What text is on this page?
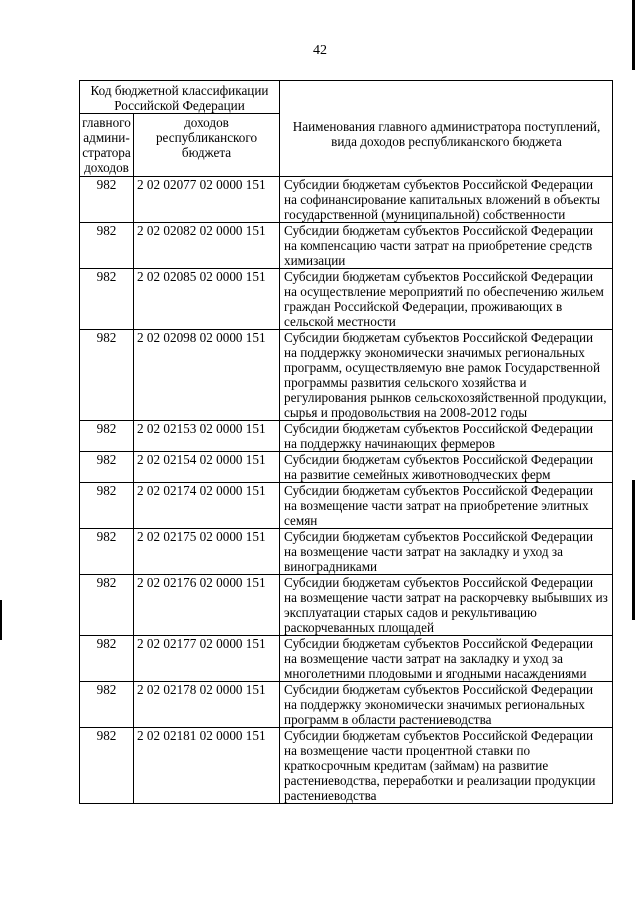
42
Код бюджетной классификации Российской Федерации		Наименования главного администратора поступлений, вида доходов республиканского бюджета
главного админи-стратора доходов	доходов республиканского бюджета	
982	2 02 02077 02 0000 151	Субсидии бюджетам субъектов Российской Федерации на софинансирование капитальных вложений в объекты государственной (муниципальной) собственности
982	2 02 02082 02 0000 151	Субсидии бюджетам субъектов Российской Федерации на компенсацию части затрат на приобретение средств химизации
982	2 02 02085 02 0000 151	Субсидии бюджетам субъектов Российской Федерации на осуществление мероприятий по обеспечению жильем граждан Российской Федерации, проживающих в сельской местности
982	2 02 02098 02 0000 151	Субсидии бюджетам субъектов Российской Федерации на поддержку экономически значимых региональных программ, осуществляемую вне рамок Государственной программы развития сельского хозяйства и регулирования рынков сельскохозяйственной продукции, сырья и продовольствия на 2008-2012 годы
982	2 02 02153 02 0000 151	Субсидии бюджетам субъектов Российской Федерации на поддержку начинающих фермеров
982	2 02 02154 02 0000 151	Субсидии бюджетам субъектов Российской Федерации на развитие семейных животноводческих ферм
982	2 02 02174 02 0000 151	Субсидии бюджетам субъектов Российской Федерации на возмещение части затрат на приобретение элитных семян
982	2 02 02175 02 0000 151	Субсидии бюджетам субъектов Российской Федерации на возмещение части затрат на закладку и уход за виноградниками
982	2 02 02176 02 0000 151	Субсидии бюджетам субъектов Российской Федерации на возмещение части затрат на раскорчевку выбывших из эксплуатации старых садов и рекультивацию раскорчеванных площадей
982	2 02 02177 02 0000 151	Субсидии бюджетам субъектов Российской Федерации на возмещение части затрат на закладку и уход за многолетними плодовыми и ягодными насаждениями
982	2 02 02178 02 0000 151	Субсидии бюджетам субъектов Российской Федерации на поддержку экономически значимых региональных программ в области растениеводства
982	2 02 02181 02 0000 151	Субсидии бюджетам субъектов Российской Федерации на возмещение части процентной ставки по краткосрочным кредитам (займам) на развитие растениеводства, переработки и реализации продукции растениеводства
